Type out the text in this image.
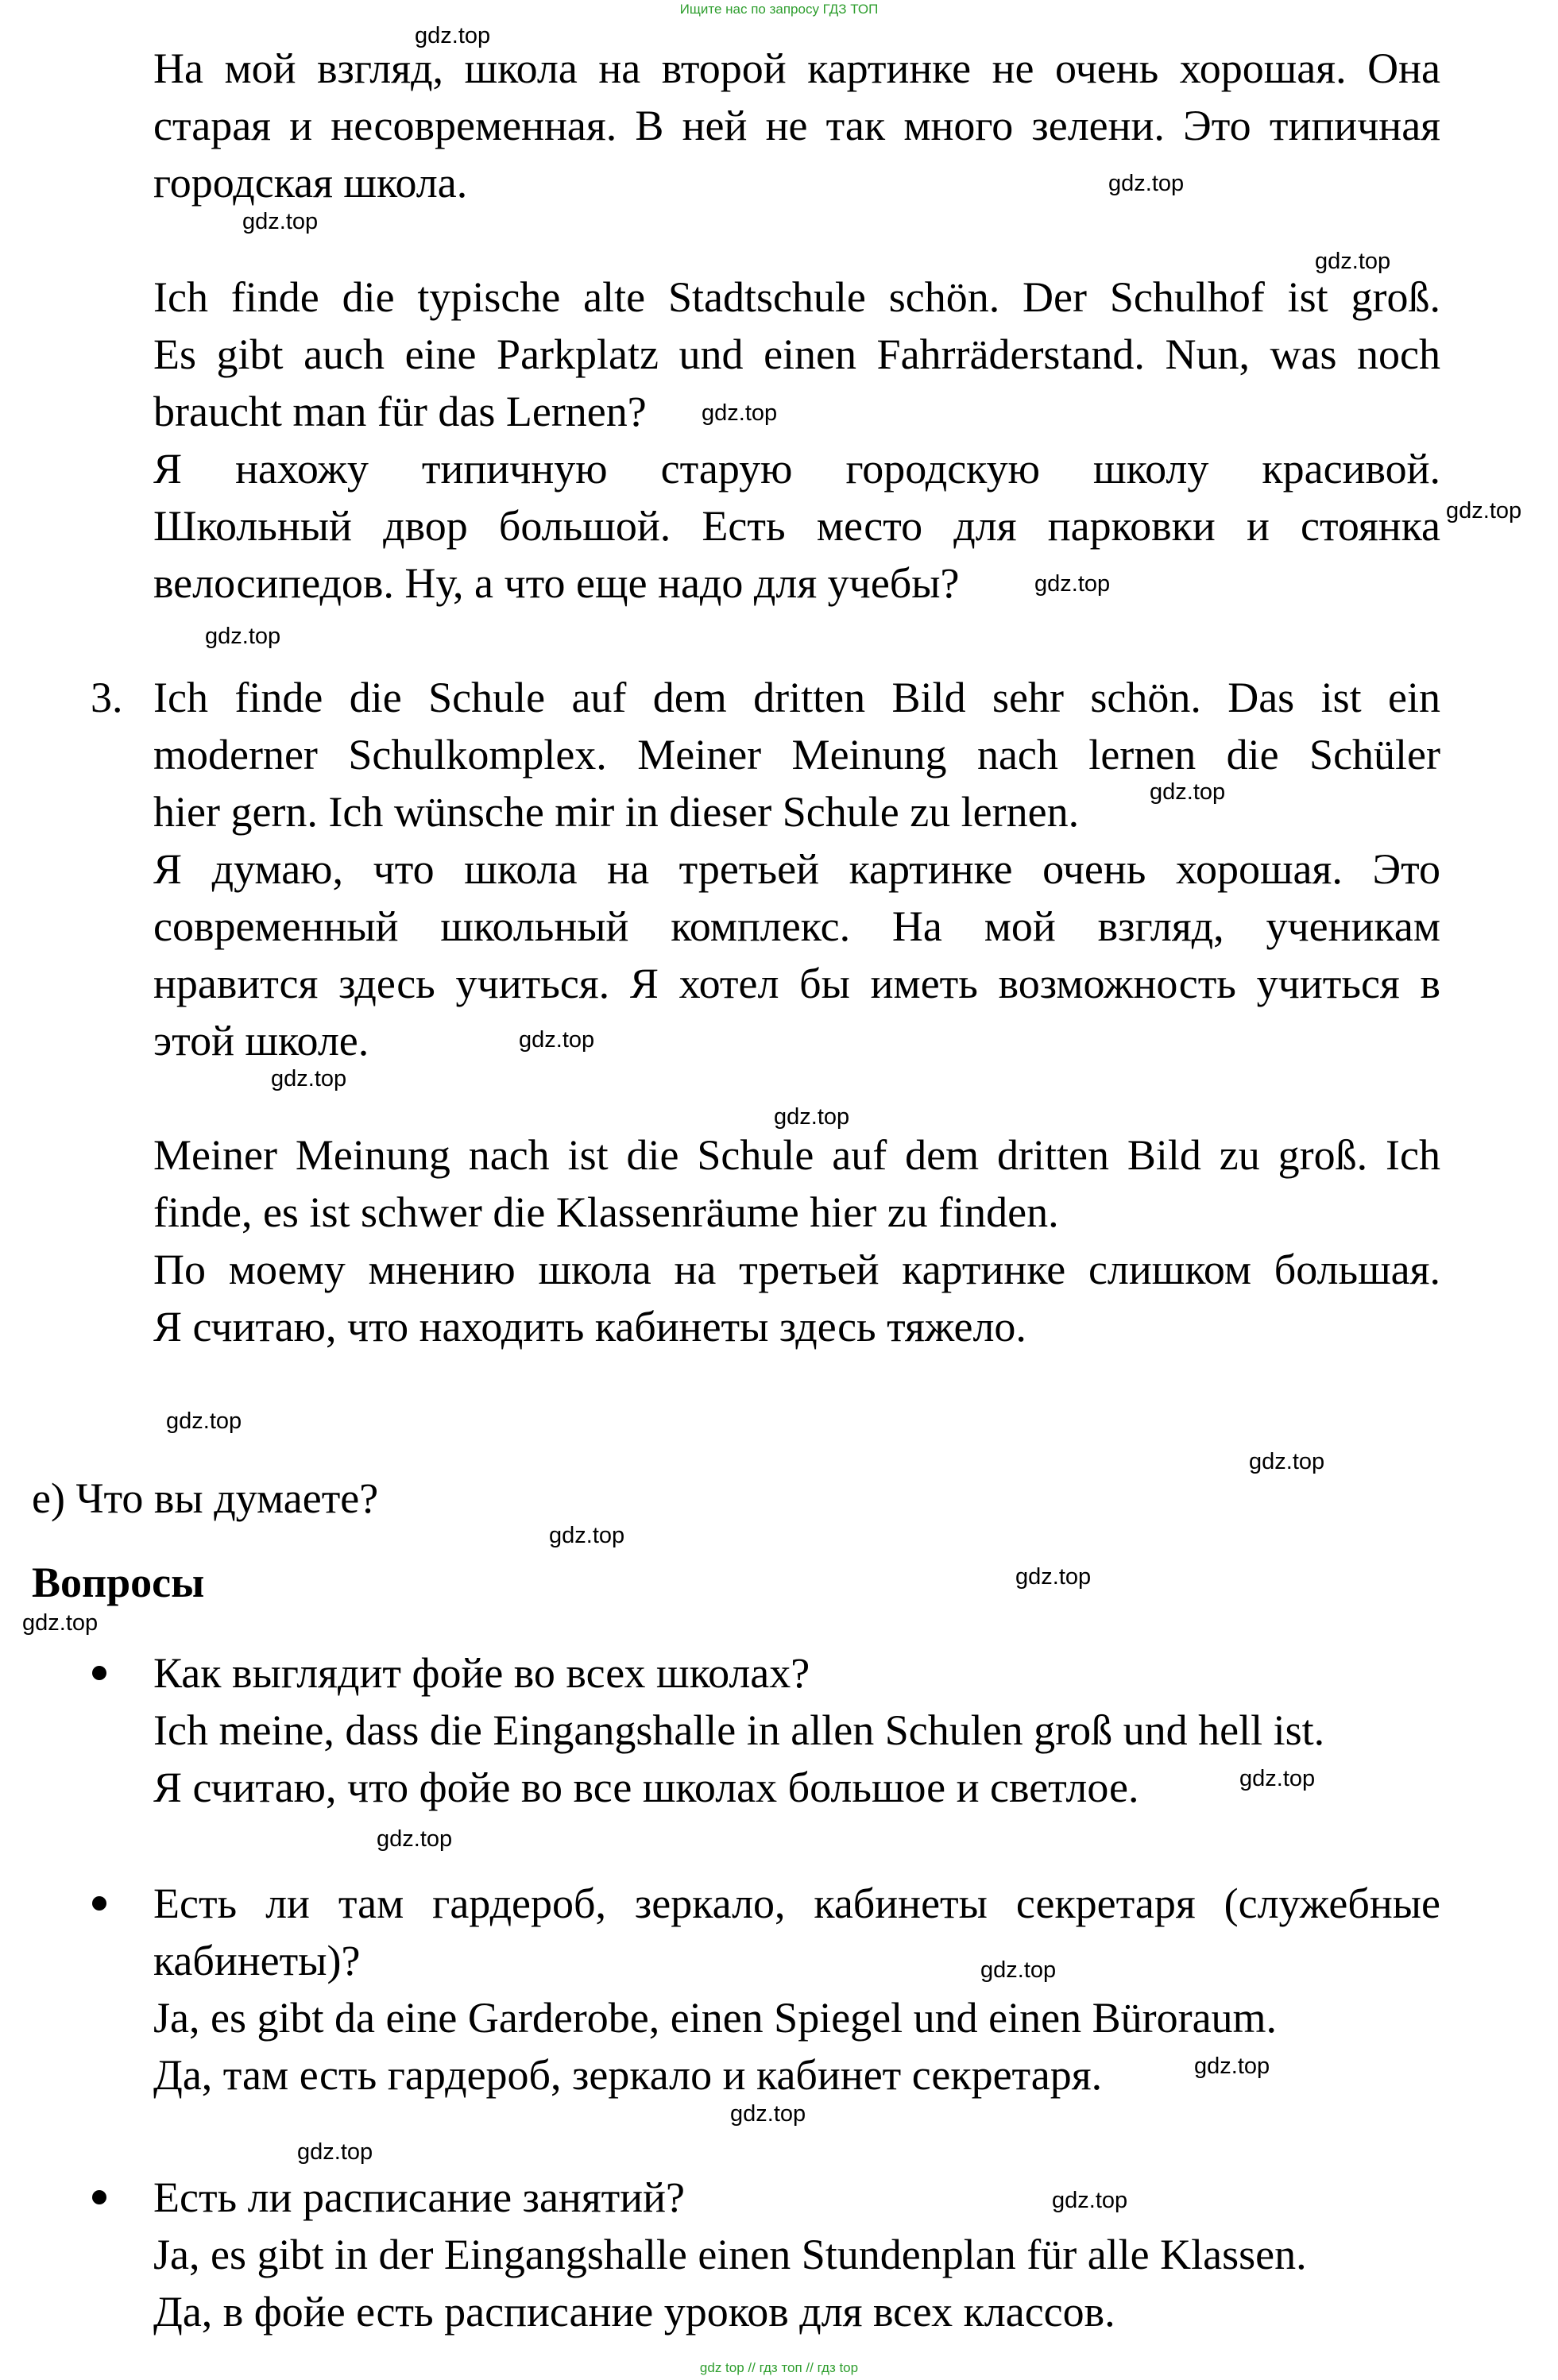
Ищите нас по запросу ГДЗ ТОП
На мой взгляд, школа на второй картинке не очень хорошая. Она
старая и несовременная. В ней не так много зелени. Это типичная
городская школа.
Ich finde die typische alte Stadtschule schön. Der Schulhof ist groß.
Es gibt auch eine Parkplatz und einen Fahrräderstand. Nun, was noch
braucht man für das Lernen?
Я нахожу типичную старую городскую школу красивой.
Школьный двор большой. Есть место для парковки и стоянка
велосипедов. Ну, а что еще надо для учебы?
3. Ich finde die Schule auf dem dritten Bild sehr schön. Das ist ein
moderner Schulkomplex. Meiner Meinung nach lernen die Schüler
hier gern. Ich wünsche mir in dieser Schule zu lernen.
Я думаю, что школа на третьей картинке очень хорошая. Это
современный школьный комплекс. На мой взгляд, ученикам
нравится здесь учиться. Я хотел бы иметь возможность учиться в
этой школе.
Meiner Meinung nach ist die Schule auf dem dritten Bild zu groß. Ich
finde, es ist schwer die Klassenräume hier zu finden.
По моему мнению школа на третьей картинке слишком большая.
Я считаю, что находить кабинеты здесь тяжело.
е) Что вы думаете?
Вопросы
Как выглядит фойе во всех школах?
Ich meine, dass die Eingangshalle in allen Schulen groß und hell ist.
Я считаю, что фойе во все школах большое и светлое.
Есть ли там гардероб, зеркало, кабинеты секретаря (служебные
кабинеты)?
Ja, es gibt da eine Garderobe, einen Spiegel und einen Büroraum.
Да, там есть гардероб, зеркало и кабинет секретаря.
Есть ли расписание занятий?
Ja, es gibt in der Eingangshalle einen Stundenplan für alle Klassen.
Да, в фойе есть расписание уроков для всех классов.
gdz.top
gdz.top
gdz.top
gdz.top
gdz.top
gdz.top
gdz.top
gdz.top
gdz.top
gdz.top
gdz.top
gdz.top
gdz.top
gdz.top
gdz.top
gdz.top
gdz.top
gdz.top
gdz.top
gdz.top
gdz.top
gdz.top
gdz.top
gdz.top
gdz top // гдз топ // гдз top
